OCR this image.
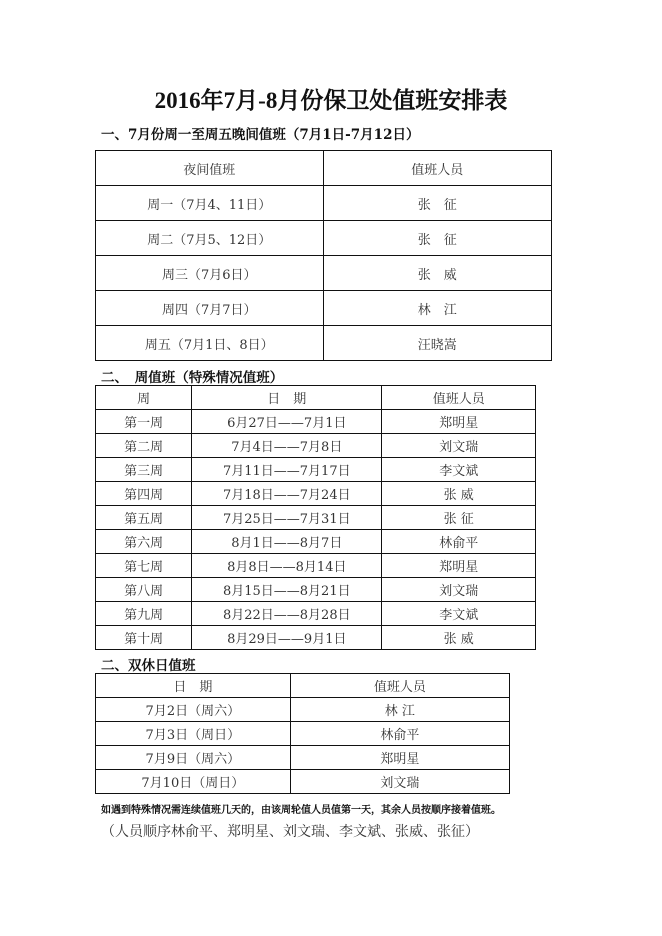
2016年7月-8月份保卫处值班安排表
一、7月份周一至周五晚间值班（7月1日-7月12日）
夜间值班	值班人员
周一（7月4、11日）	张　征
周二（7月5、12日）	张　征
周三（7月6日）	张　威
周四（7月7日）	林　江
周五（7月1日、8日）	汪晓嵩
二、　周值班（特殊情况值班）
周	日　期	值班人员
第一周	6月27日——7月1日	郑明星
第二周	7月4日——7月8日	刘文瑞
第三周	7月11日——7月17日	李文斌
第四周	7月18日——7月24日	张 威
第五周	7月25日——7月31日	张 征
第六周	8月1日——8月7日	林俞平
第七周	8月8日——8月14日	郑明星
第八周	8月15日——8月21日	刘文瑞
第九周	8月22日——8月28日	李文斌
第十周	8月29日——9月1日	张 威
二、双休日值班
日　期	值班人员
7月2日（周六）	林 江
7月3日（周日）	林俞平
7月9日（周六）	郑明星
7月10日（周日）	刘文瑞
如遇到特殊情况需连续值班几天的，由该周轮值人员值第一天，其余人员按顺序接着值班。
（人员顺序林俞平、郑明星、刘文瑞、李文斌、张威、张征）
